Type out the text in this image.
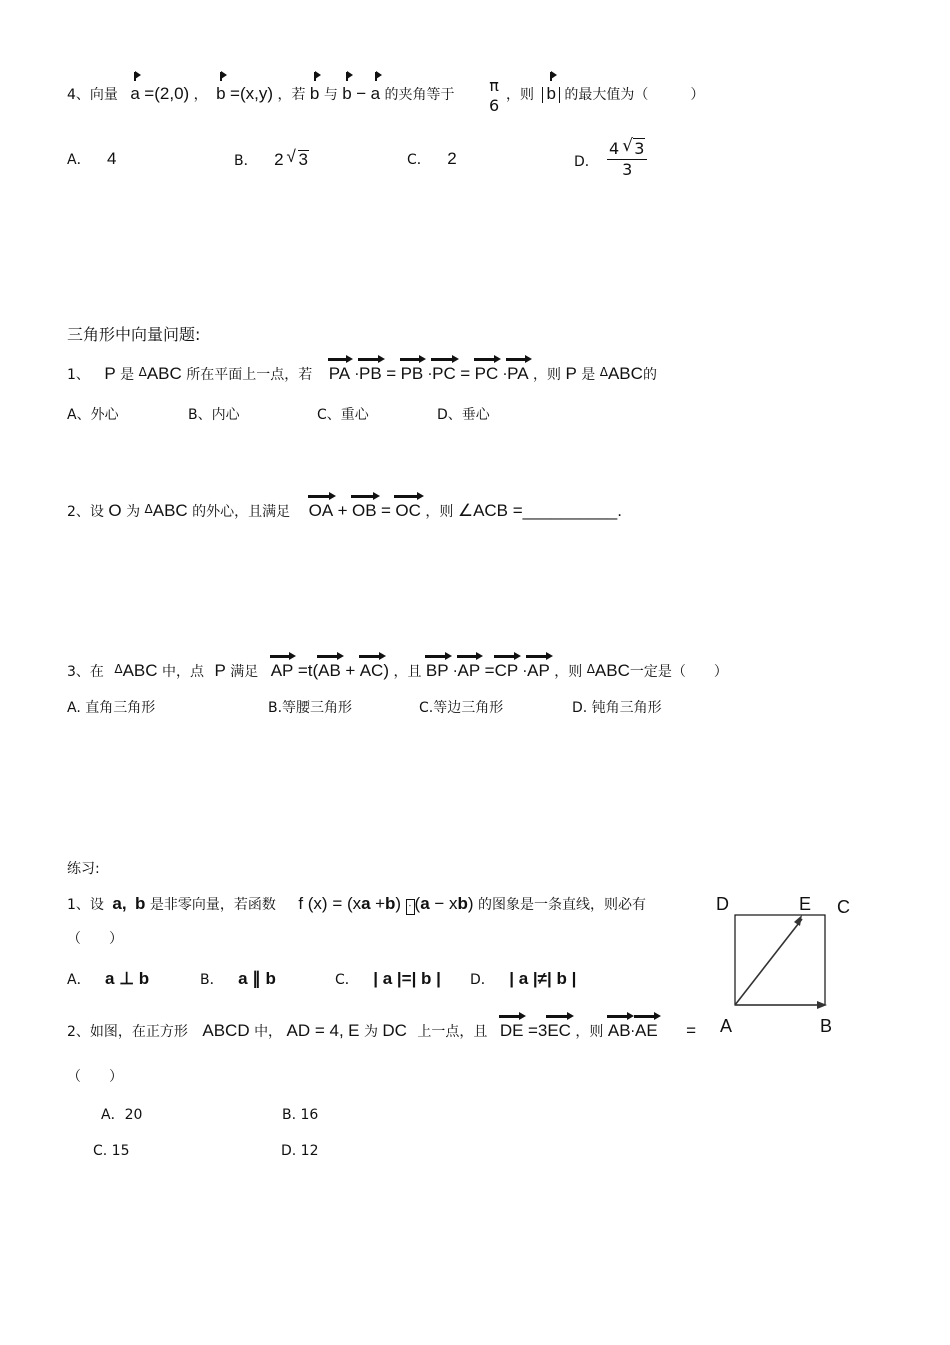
4、向量 a =(2,0) ， b =(x,y) ，若 b 与 b − a 的夹角等于 π
6
，则 b 的最大值为（　　　）
A． 4	B． 2 √ 3	C． 2	D． $\frac{4 √ 3}{3}$
三角形中向量问题:
1、 P 是 ΔABC 所在平面上一点，若 PA ·PB = PB ·PC = PC ·PA ，则 P 是 ΔABC的
A、外心	B、内心	C、重心	D、垂心
2、设 O 为 ΔABC 的外心，且满足 OA + OB = OC ，则 ∠ACB =__________.
3、在 ΔABC 中，点 P 满足 AP =t(AB + AC) ，且 BP ·AP =CP ·AP ，则 ΔABC一定是（　　）
A. 直角三角形	B.等腰三角形	C.等边三角形	D. 钝角三角形
练习:
1、设 a, b 是非零向量，若函数 f (x) = (xa +b) ⋅ (a − xb) 的图象是一条直线，则必有
（　　）
A． a ⊥ b	B． a ∥ b	C． | a |=| b | D． | a |≠| b |
2、如图，在正方形 ABCD 中， AD = 4, E 为 DC 上一点，且 DE =3EC ，则 AB·AE =
（　　）
A．20	B. 16
C. 15	D. 12
D	E C
A	B
